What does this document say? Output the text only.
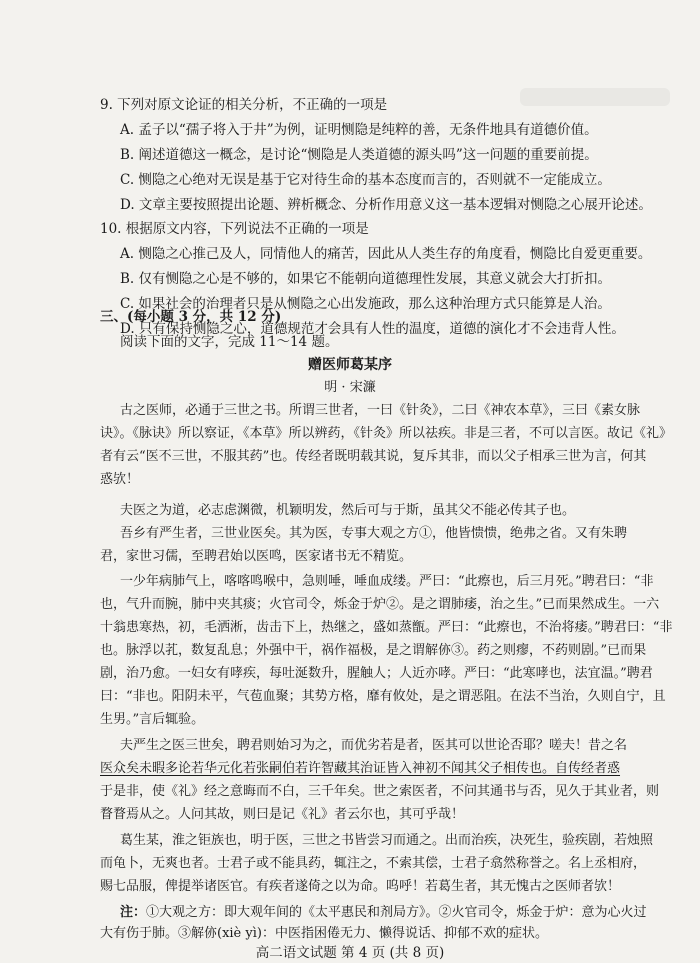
9. 下列对原文论证的相关分析，不正确的一项是
A. 孟子以“孺子将入于井”为例，证明恻隐是纯粹的善，无条件地具有道德价值。
B. 阐述道德这一概念，是讨论“恻隐是人类道德的源头吗”这一问题的重要前提。
C. 恻隐之心绝对无误是基于它对待生命的基本态度而言的，否则就不一定能成立。
D. 文章主要按照提出论题、辨析概念、分析作用意义这一基本逻辑对恻隐之心展开论述。
10. 根据原文内容，下列说法不正确的一项是
A. 恻隐之心推己及人，同情他人的痛苦，因此从人类生存的角度看，恻隐比自爱更重要。
B. 仅有恻隐之心是不够的，如果它不能朝向道德理性发展，其意义就会大打折扣。
C. 如果社会的治理者只是从恻隐之心出发施政，那么这种治理方式只能算是人治。
D. 只有保持恻隐之心，道德规范才会具有人性的温度，道德的演化才不会违背人性。
三、(每小题 3 分，共 12 分)
阅读下面的文字，完成 11～14 题。
赠医师葛某序
明 · 宋濂
古之医师，必通于三世之书。所谓三世者，一曰《针灸》，二曰《神农本草》，三曰《素女脉
诀》。《脉诀》所以察证，《本草》所以辨药，《针灸》所以祛疾。非是三者，不可以言医。故记《礼》
者有云“医不三世，不服其药”也。传经者既明载其说，复斥其非，而以父子相承三世为言，何其
惑欤！
夫医之为道，必志虑渊微，机颖明发，然后可与于斯，虽其父不能必传其子也。
吾乡有严生者，三世业医矣。其为医，专事大观之方①，他皆愦愦，绝弗之省。又有朱聘
君，家世习儒，至聘君始以医鸣，医家诸书无不精览。
一少年病肺气上，喀喀鸣喉中，急则唾，唾血成缕。严曰：“此瘵也，后三月死。”聘君曰：“非
也，气升而腕，肺中夹其痰；火官司令，烁金于炉②。是之谓肺痿，治之生。”已而果然成生。一六
十翁患寒热，初，毛洒淅，齿击下上，热继之，盛如蒸甑。严曰：“此瘵也，不治将痿。”聘君曰：“非
也。脉浮以芤，数复乱息；外强中干，祸作福极，是之谓解㑊③。药之则瘳，不药则剧。”已而果
剧，治乃愈。一妇女有哮疾，每吐涎数升，腥触人；人近亦哮。严曰：“此寒哮也，法宜温。”聘君
曰：“非也。阳阴未平，气苞血聚；其势方格，靡有攸处，是之谓恶阻。在法不当治，久则自宁，且
生男。”言后辄验。
夫严生之医三世矣，聘君则始习为之，而优劣若是者，医其可以世论否耶？嗟夫！昔之名
医众矣未暇多论若华元化若张嗣伯若许智藏其治证皆入神初不闻其父子相传也。自传经者惑
于是非，使《礼》经之意晦而不白，三千年矣。世之索医者，不问其通书与否，见久于其业者，则
瞀瞀焉从之。人问其故，则曰是记《礼》者云尔也，其可乎哉！
葛生某，淮之钜族也，明于医，三世之书皆尝习而通之。出而治疾，决死生，验疾剧，若烛照
而龟卜，无爽也者。士君子或不能具药，辄注之，不索其偿，士君子翕然称誉之。名上丞相府，
赐七品服，俾提举诸医官。有疾者遂倚之以为命。呜呼！若葛生者，其无愧古之医师者欤！
注：①大观之方：即大观年间的《太平惠民和剂局方》。②火官司令，烁金于炉：意为心火过
大有伤于肺。③解㑊(xiè yì)：中医指困倦无力、懒得说话、抑郁不欢的症状。
高二语文试题 第 4 页 (共 8 页)
